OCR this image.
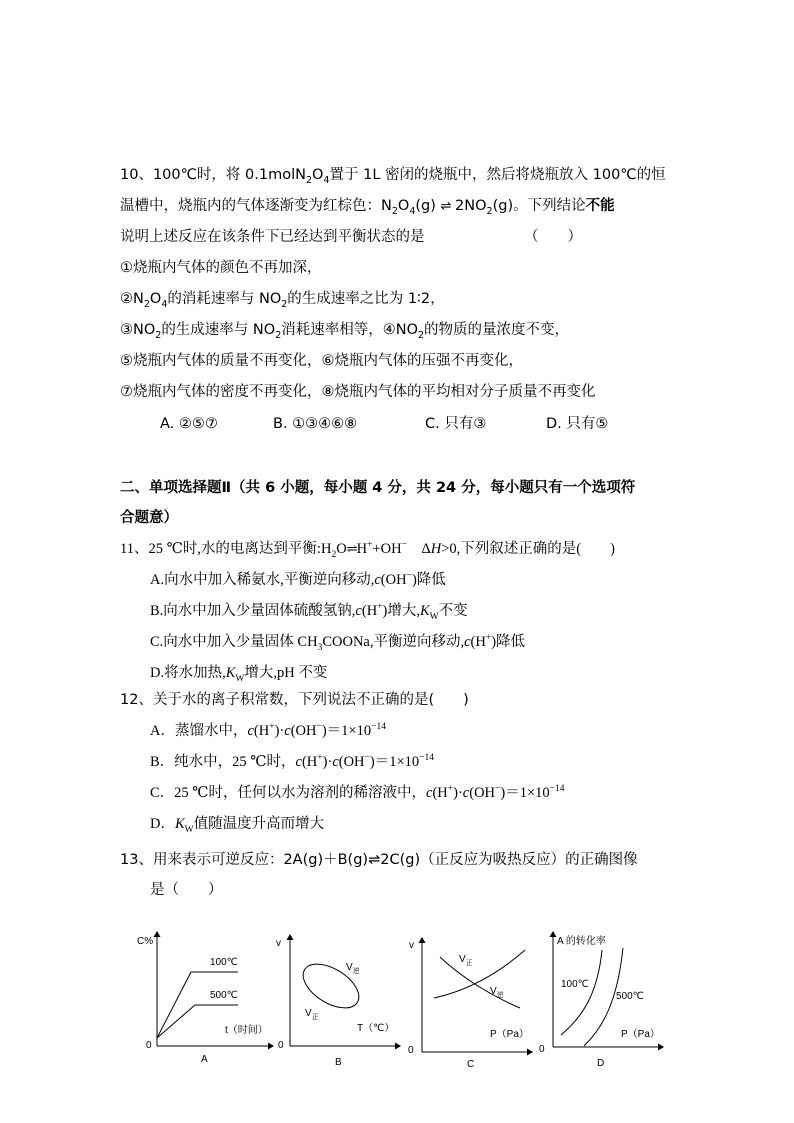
10、100℃时，将 $0.1molN_2O_4$置于 1L 密闭的烧瓶中，然后将烧瓶放入 100℃的恒
温槽中，烧瓶内的气体逐渐变为红棕色：$N_2O_4(g)$ ⇌ $2NO_2(g)$。下列结论不能
说明上述反应在该条件下已经达到平衡状态的是	（　　）
①烧瓶内气体的颜色不再加深，
$②N_2O_4$的消耗速率与 $NO_2$的生成速率之比为 1∶2，
$③NO_2$的生成速率与 $NO_2$消耗速率相等，$④NO_2$的物质的量浓度不变，
⑤烧瓶内气体的质量不再变化，⑥烧瓶内气体的压强不再变化，
⑦烧瓶内气体的密度不再变化，⑧烧瓶内气体的平均相对分子质量不再变化
A. ②⑤⑦	B. ①③④⑥⑧	C. 只有③	D. 只有⑤
二、单项选择题Ⅱ（共 6 小题，每小题 4 分，共 24 分，每小题只有一个选项符
合题意）
11、25 ℃时,水的电离达到平衡$:H_2O\rightleftharpoons H^++OH^-$　ΔH>0,下列叙述正确的是(　　)
A.向水中加入稀氨水,平衡逆向移动,c(OH−)降低
B.向水中加入少量固体硫酸氢钠,c(H+)增大$,K_W$不变
C.向水中加入少量固体 $CH_3COONa$,平衡逆向移动,c(H+)降低
D.将水加热$,K_W$增大,pH 不变
12、关于水的离子积常数，下列说法不正确的是(　　)
A．蒸馏水中，$c(H^+)\cdot c(OH^-)=1\times 10^{-14}$
B．纯水中，25 ℃时，$c(H^+)\cdot c(OH^-)=1\times 10^{-14}$
C．25 ℃时，任何以水为溶剂的稀溶液中，$c(H^+)\cdot c(OH^-)=1\times 10^{-14}$
D．$K_W$值随温度升高而增大
13、用来表示可逆反应：2A(g)＋B(g)⇌2C(g)（正反应为吸热反应）的正确图像
是（　　）
C%
100℃
500℃
t（时间）
0
A
v
$V_逆$
$V_正$
T（℃）
0
B
v
$V_正$
$V_逆$
P（Pa）
0
C
A 的转化率
100℃
500℃
P（Pa）
0
D
